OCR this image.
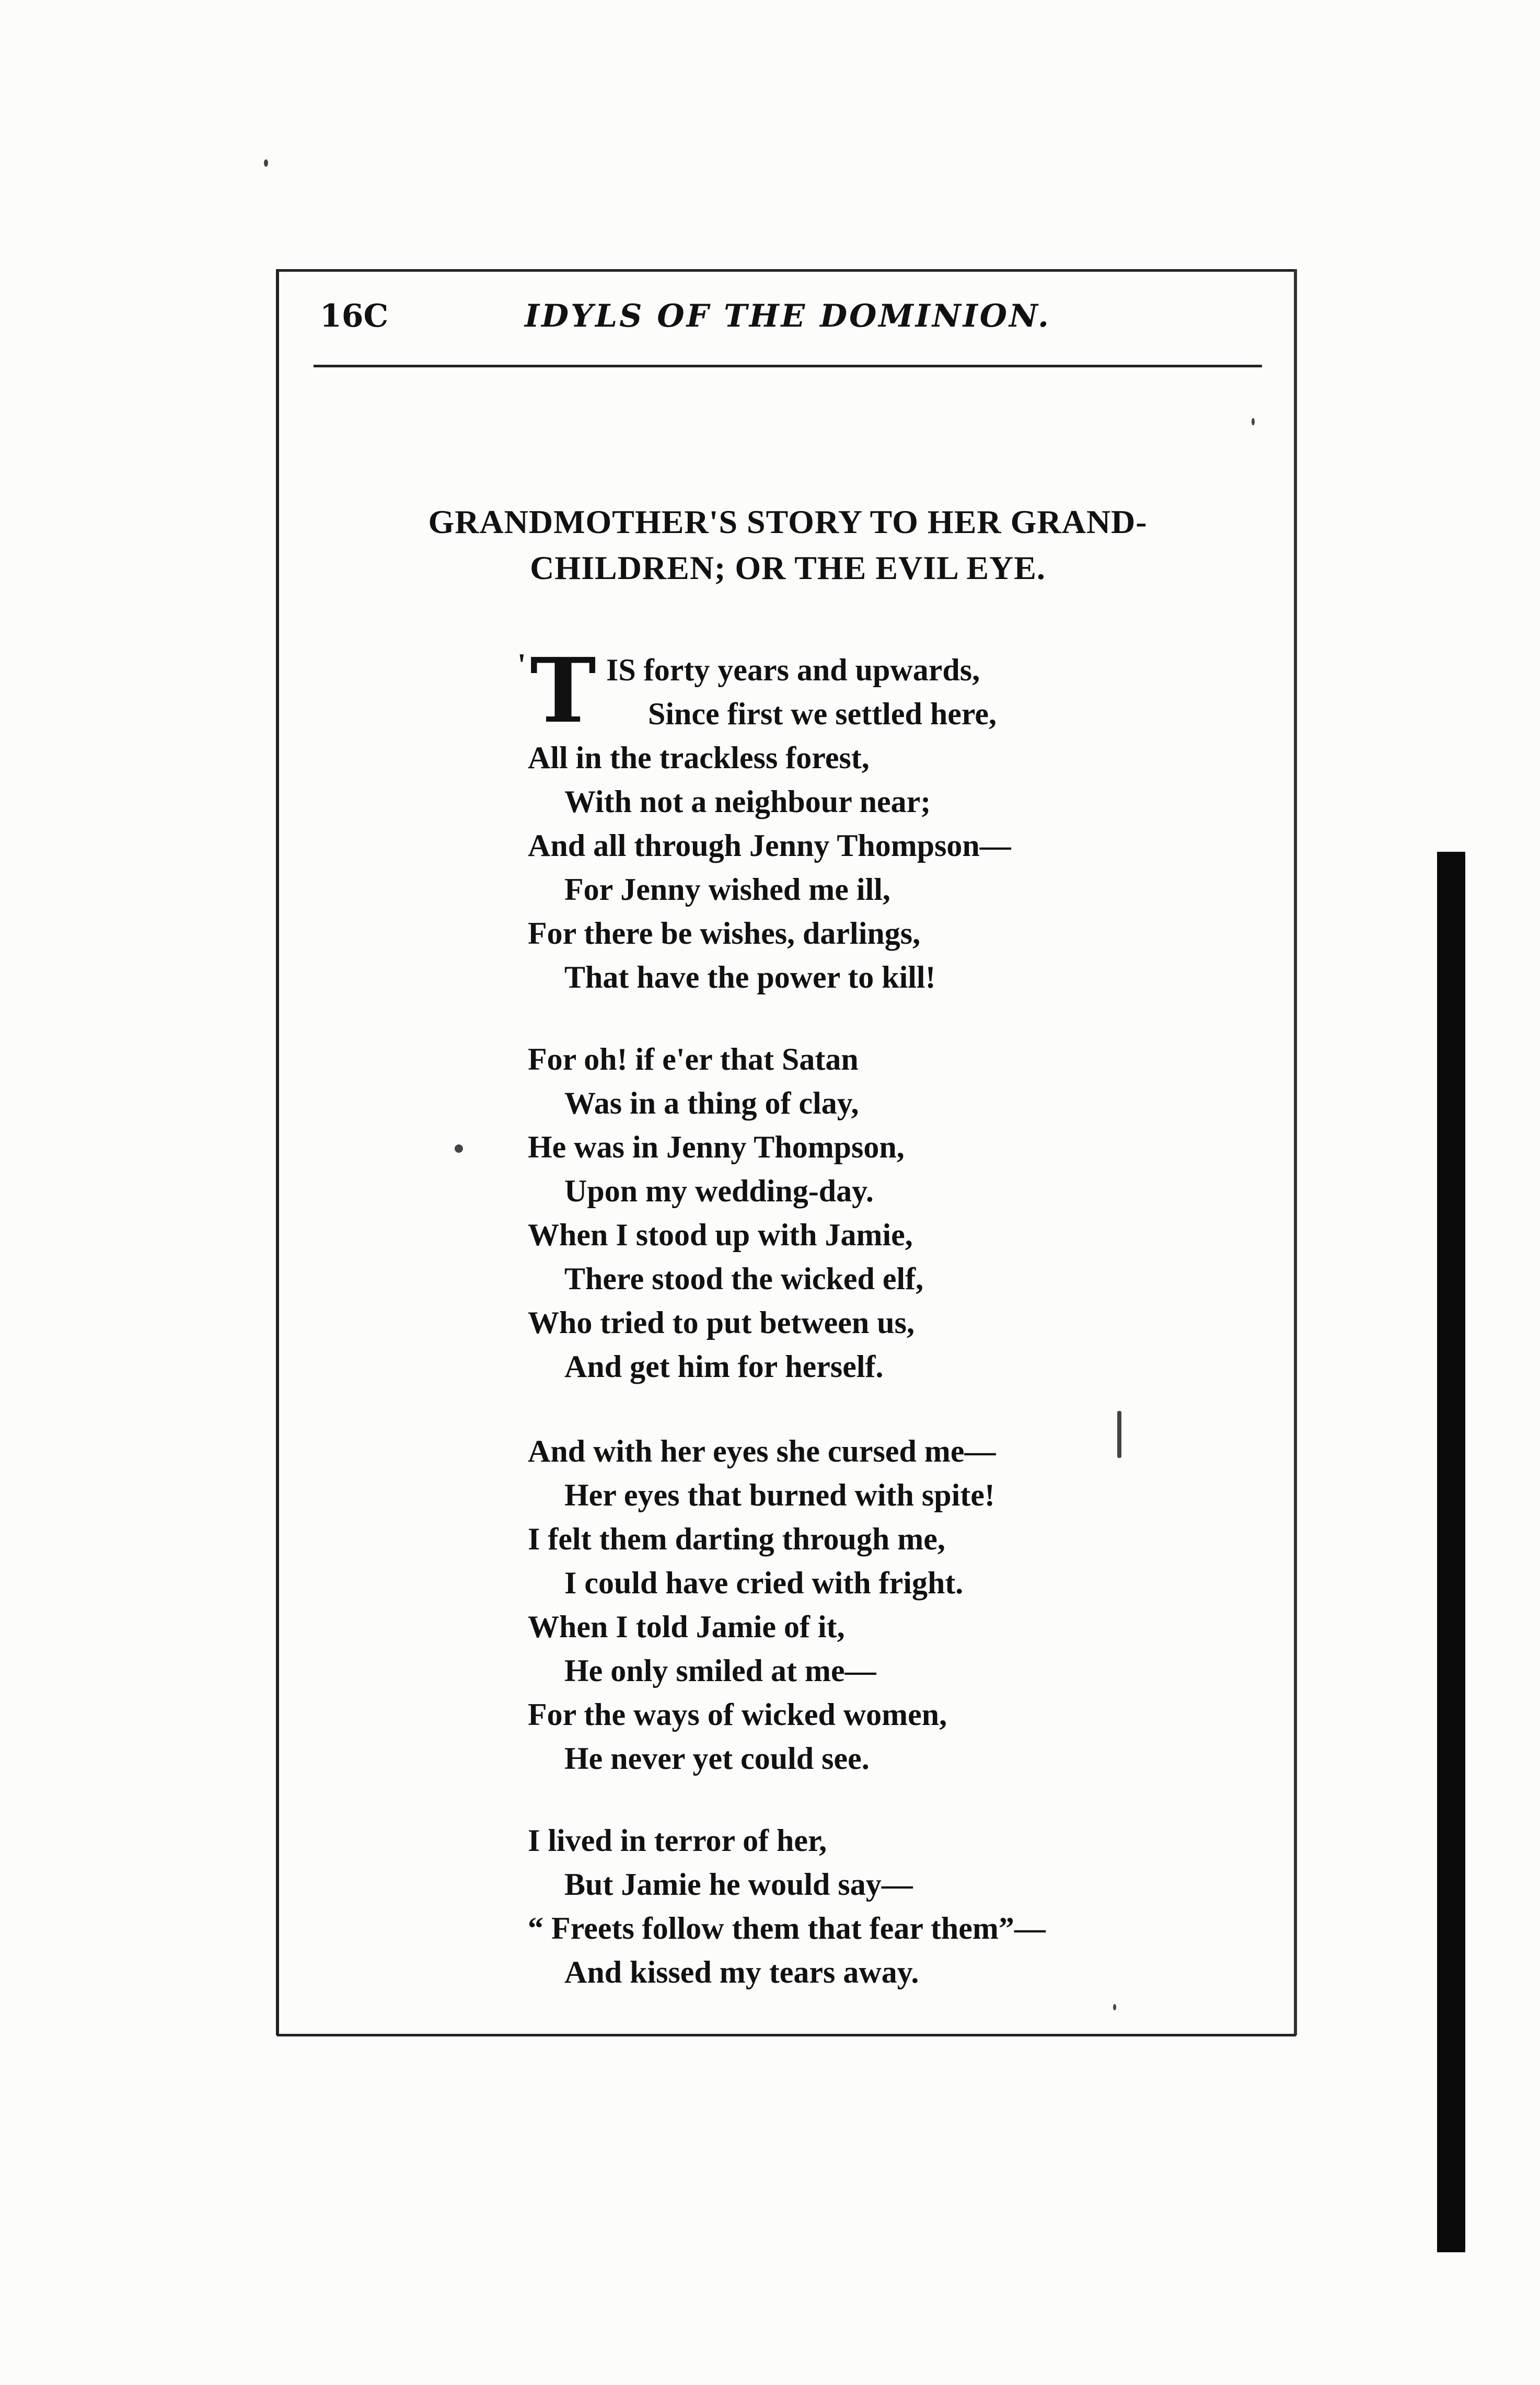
16C	IDYLS OF THE DOMINION.
GRANDMOTHER'S STORY TO HER GRAND-
CHILDREN; OR THE EVIL EYE.
' T IS forty years and upwards,
Since first we settled here,
All in the trackless forest,
With not a neighbour near;
And all through Jenny Thompson—
For Jenny wished me ill,
For there be wishes, darlings,
That have the power to kill!
For oh! if e'er that Satan
Was in a thing of clay,
He was in Jenny Thompson,
Upon my wedding-day.
When I stood up with Jamie,
There stood the wicked elf,
Who tried to put between us,
And get him for herself.
And with her eyes she cursed me—
Her eyes that burned with spite!
I felt them darting through me,
I could have cried with fright.
When I told Jamie of it,
He only smiled at me—
For the ways of wicked women,
He never yet could see.
I lived in terror of her,
But Jamie he would say—
“ Freets follow them that fear them”—
And kissed my tears away.
